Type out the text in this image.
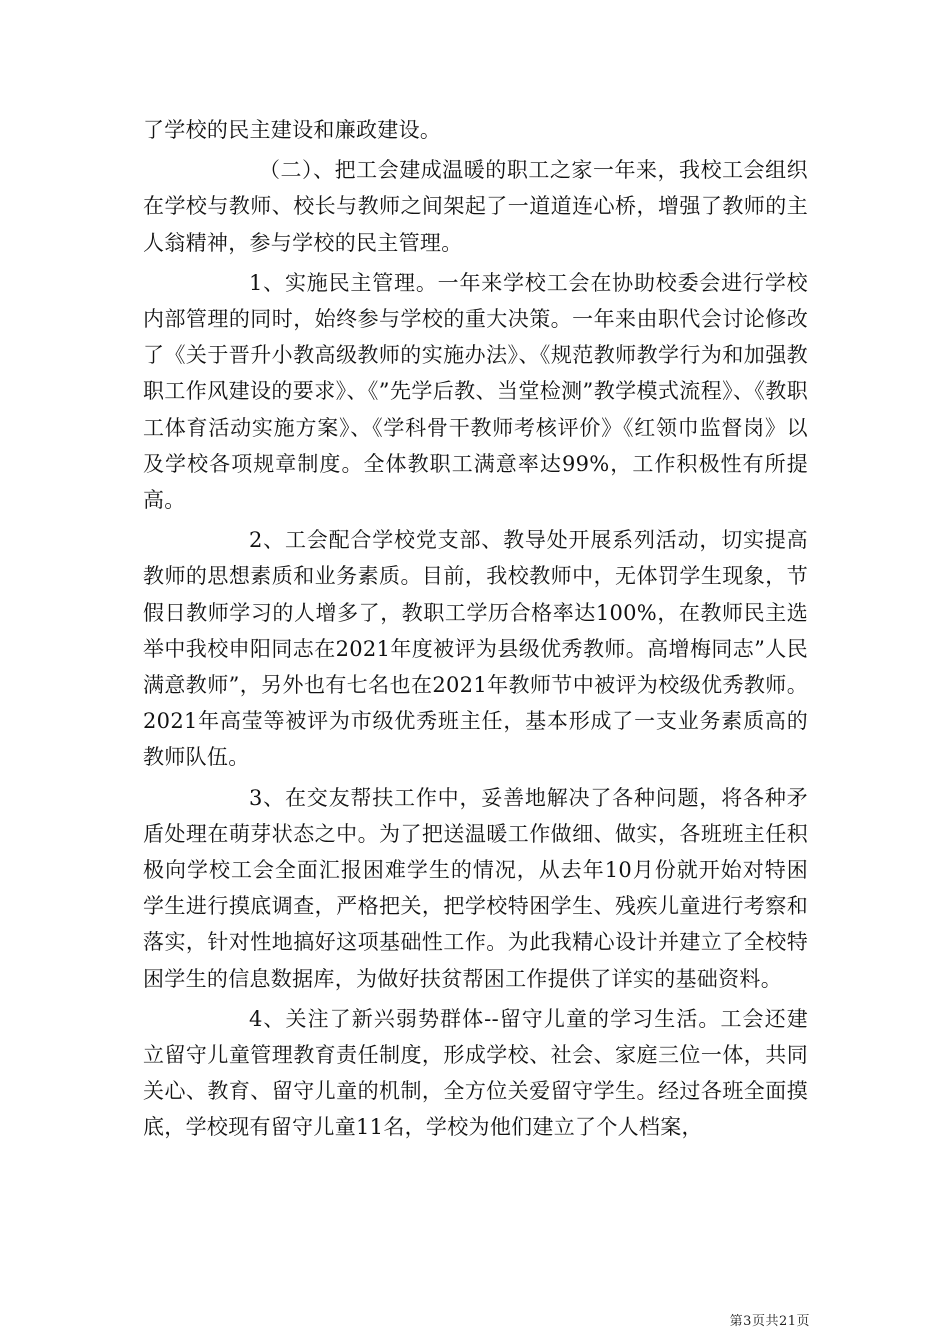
了学校的民主建设和廉政建设。

（二）、把工会建成温暖的职工之家一年来，我校工会组织在学校与教师、校长与教师之间架起了一道道连心桥，增强了教师的主人翁精神，参与学校的民主管理。

1、实施民主管理。一年来学校工会在协助校委会进行学校内部管理的同时，始终参与学校的重大决策。一年来由职代会讨论修改了《关于晋升小教高级教师的实施办法》、《规范教师教学行为和加强教职工作风建设的要求》、《”先学后教、当堂检测”教学模式流程》、《教职工体育活动实施方案》、《学科骨干教师考核评价》《红领巾监督岗》以及学校各项规章制度。全体教职工满意率达99%，工作积极性有所提高。

2、工会配合学校党支部、教导处开展系列活动，切实提高教师的思想素质和业务素质。目前，我校教师中，无体罚学生现象，节假日教师学习的人增多了，教职工学历合格率达100%，在教师民主选举中我校申阳同志在2021年度被评为县级优秀教师。高增梅同志”人民满意教师”，另外也有七名也在2021年教师节中被评为校级优秀教师。2021年高莹等被评为市级优秀班主任，基本形成了一支业务素质高的教师队伍。

3、在交友帮扶工作中，妥善地解决了各种问题，将各种矛盾处理在萌芽状态之中。为了把送温暖工作做细、做实，各班班主任积极向学校工会全面汇报困难学生的情况，从去年10月份就开始对特困学生进行摸底调查，严格把关，把学校特困学生、残疾儿童进行考察和落实，针对性地搞好这项基础性工作。为此我精心设计并建立了全校特困学生的信息数据库，为做好扶贫帮困工作提供了详实的基础资料。

4、关注了新兴弱势群体--留守儿童的学习生活。工会还建立留守儿童管理教育责任制度，形成学校、社会、家庭三位一体，共同关心、教育、留守儿童的机制，全方位关爱留守学生。经过各班全面摸底，学校现有留守儿童11名，学校为他们建立了个人档案，

第3页共21页
